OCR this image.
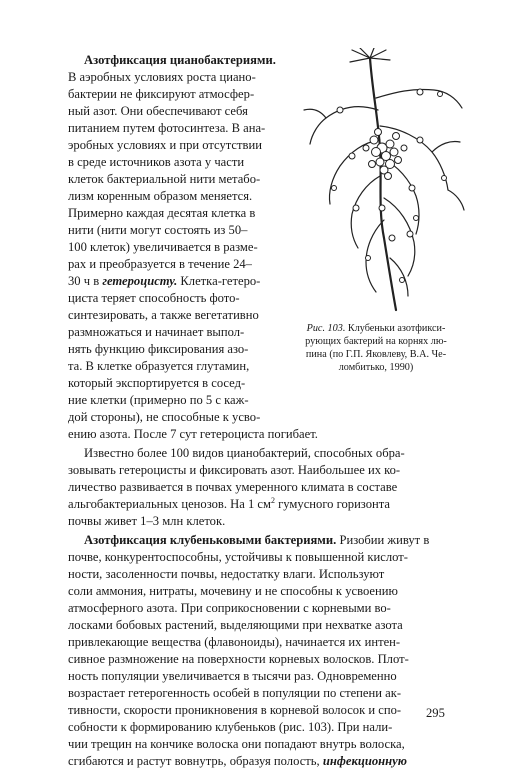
Азотфиксация цианобактериями.
В аэробных условиях роста циано-
бактерии не фиксируют атмосфер-
ный азот. Они обеспечивают себя
питанием путем фотосинтеза. В ана-
эробных условиях и при отсутствии
в среде источников азота у части
клеток бактериальной нити метабо-
лизм коренным образом меняется.
Примерно каждая десятая клетка в
нити (нити могут состоять из 50–
100 клеток) увеличивается в разме-
рах и преобразуется в течение 24–
30 ч в гетероцисту. Клетка-гетеро-
циста теряет способность фото-
синтезировать, а также вегетативно
размножаться и начинает выпол-
нять функцию фиксирования азо-
та. В клетке образуется глутамин,
который экспортируется в сосед-
ние клетки (примерно по 5 с каж-
дой стороны), не способные к усво-
ению азота. После 7 сут гетероциста погибает.
Известно более 100 видов цианобактерий, способных обра-
зовывать гетероцисты и фиксировать азот. Наибольшее их ко-
личество развивается в почвах умеренного климата в составе
альгобактериальных ценозов. На 1 $см^2$ гумусного горизонта
почвы живет 1–3 млн клеток.
Азотфиксация клубеньковыми бактериями. Ризобии живут в
почве, конкурентоспособны, устойчивы к повышенной кислот-
ности, засоленности почвы, недостатку влаги. Используют
соли аммония, нитраты, мочевину и не способны к усвоению
атмосферного азота. При соприкосновении с корневыми во-
лосками бобовых растений, выделяющими при нехватке азота
привлекающие вещества (флавоноиды), начинается их интен-
сивное размножение на поверхности корневых волосков. Плот-
ность популяции увеличивается в тысячи раз. Одновременно
возрастает гетерогенность особей в популяции по степени ак-
тивности, скорости проникновения в корневой волосок и спо-
собности к формированию клубеньков (рис. 103). При нали-
чии трещин на кончике волоска они попадают внутрь волоска,
сгибаются и растут вовнутрь, образуя полость, инфекционную
Рис. 103. Клубеньки азотфикси-
рующих бактерий на корнях лю-
пина (по Г.П. Яковлеву, В.А. Че-
ломбитько, 1990)
295
